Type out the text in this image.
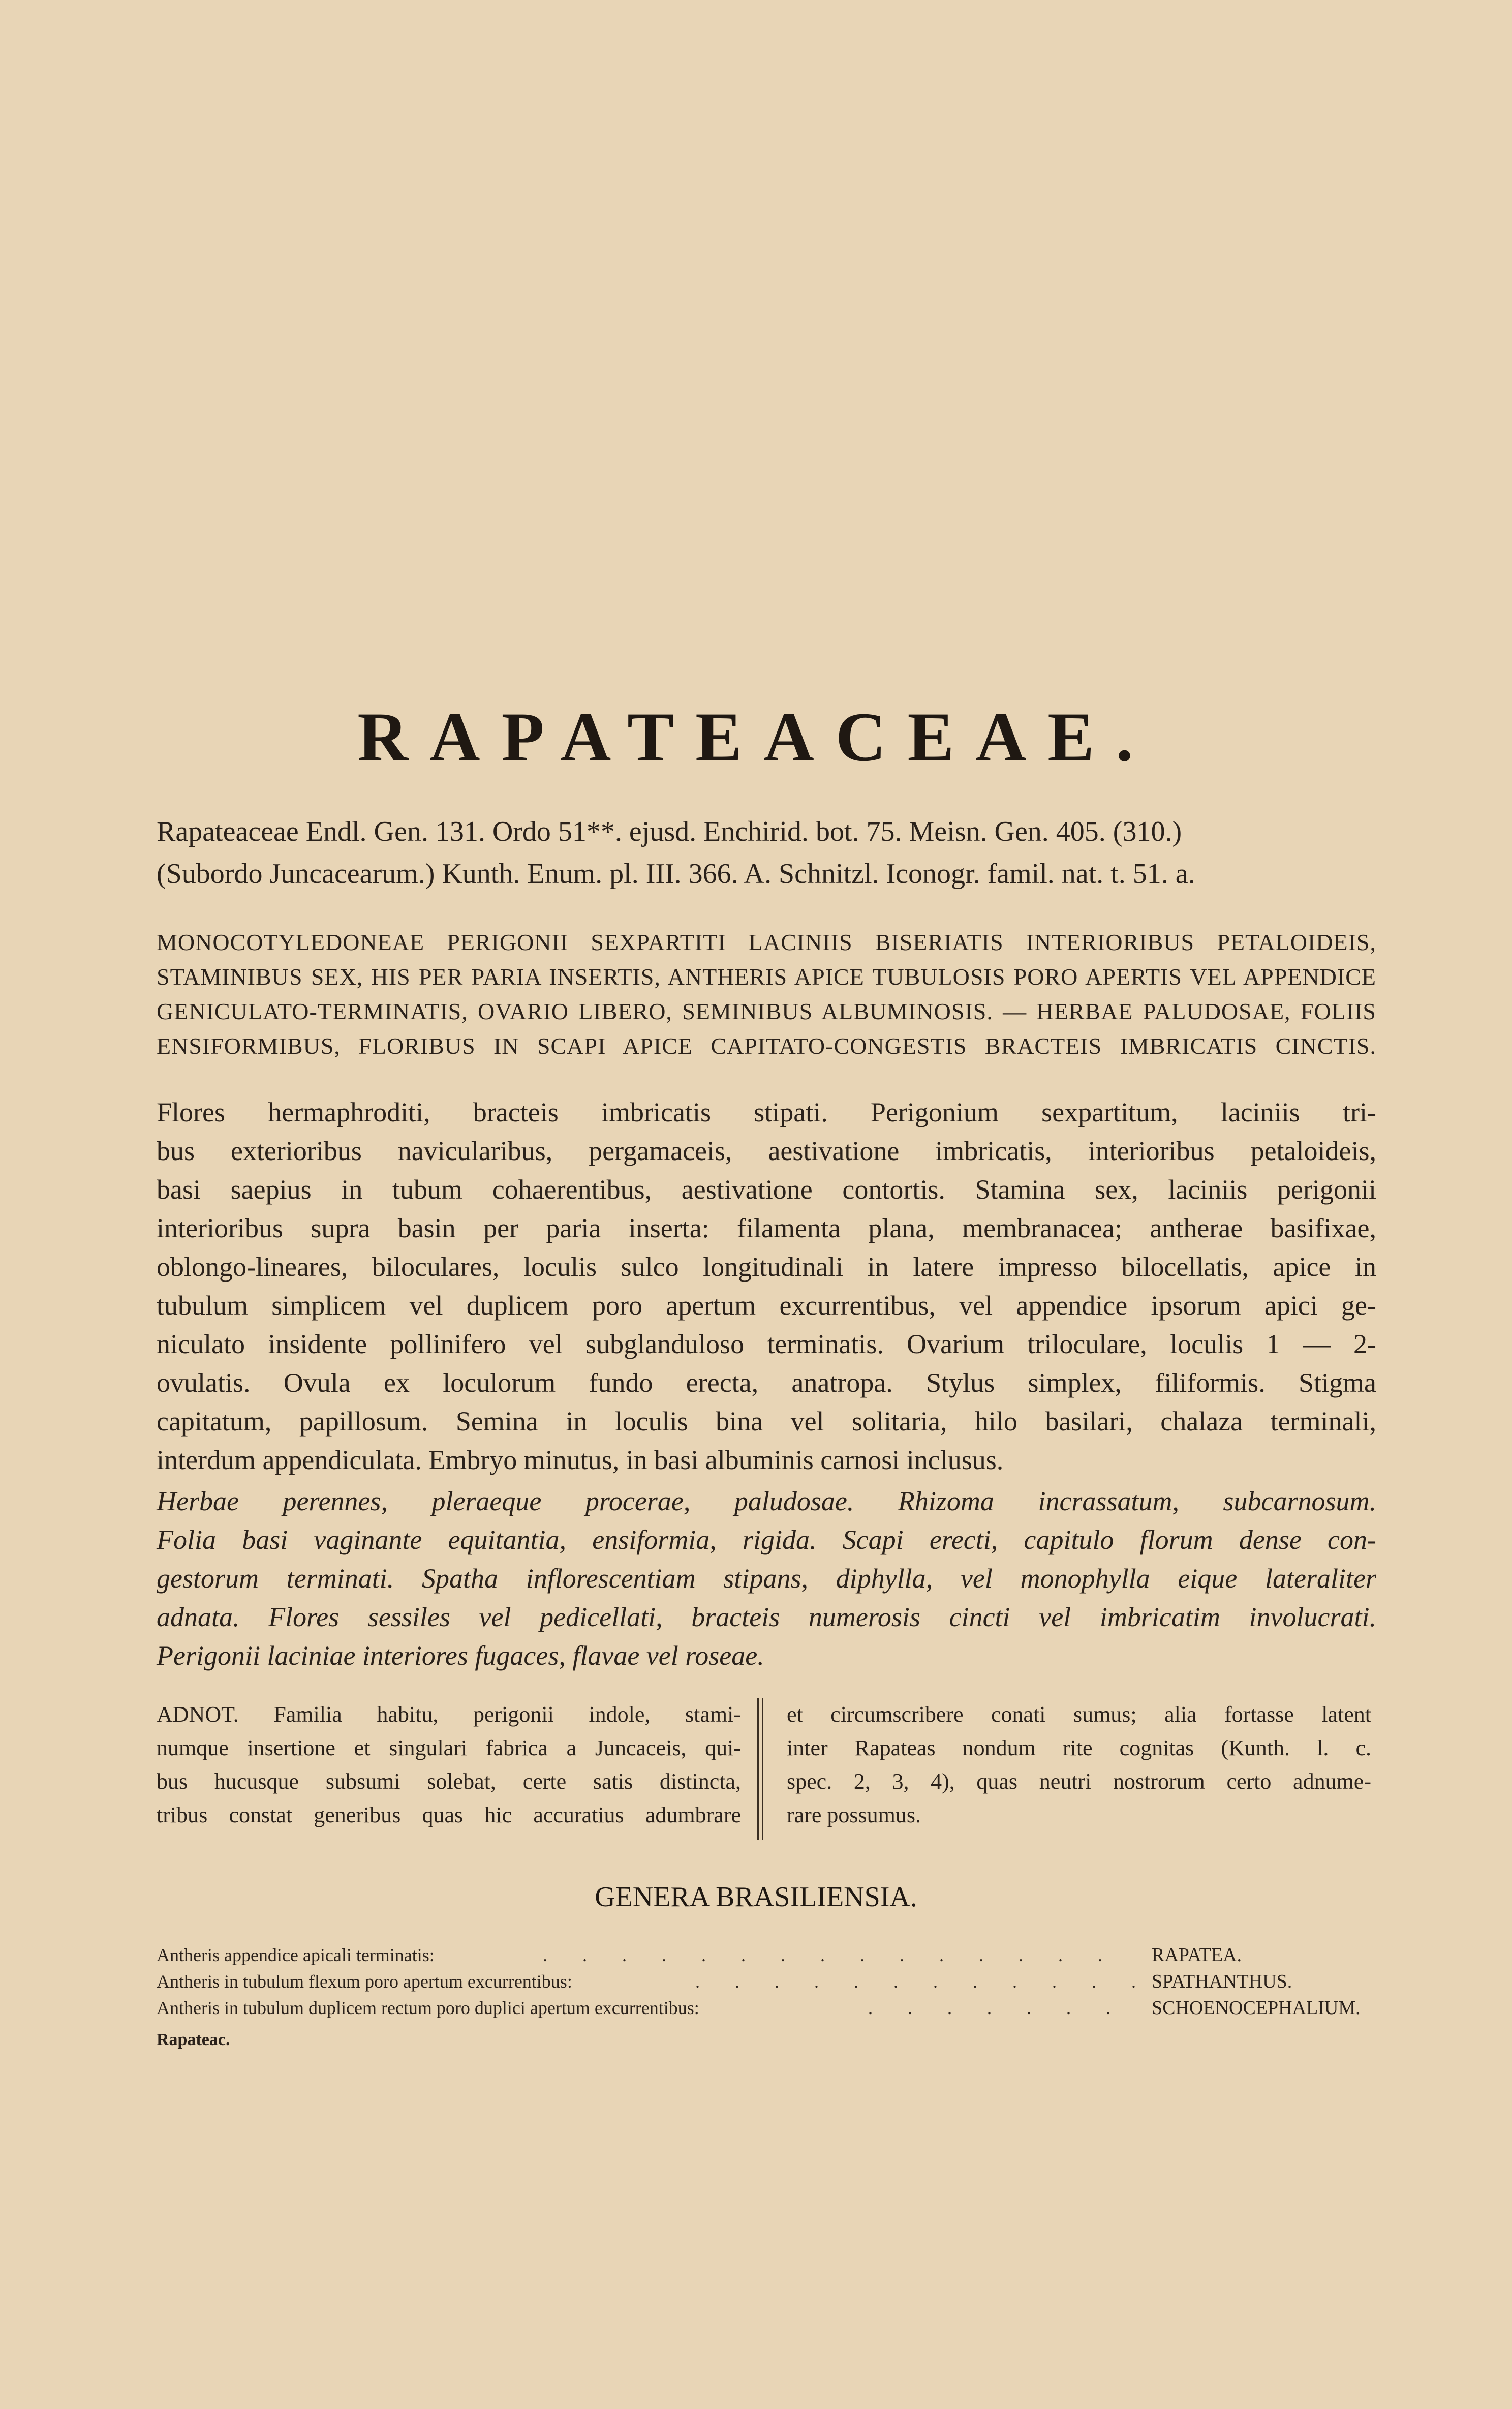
RAPATEACEAE.
Rapateaceae Endl. Gen. 131. Ordo 51**. ejusd. Enchirid. bot. 75. Meisn. Gen. 405. (310.)
(Subordo Juncacearum.) Kunth. Enum. pl. III. 366. A. Schnitzl. Iconogr. famil. nat. t. 51. a.
MONOCOTYLEDONEAE PERIGONII SEXPARTITI LACINIIS BISERIATIS INTERIORIBUS PETALOIDEIS,
STAMINIBUS SEX, HIS PER PARIA INSERTIS, ANTHERIS APICE TUBULOSIS PORO APERTIS VEL APPENDICE
GENICULATO-TERMINATIS, OVARIO LIBERO, SEMINIBUS ALBUMINOSIS. — HERBAE PALUDOSAE, FOLIIS
ENSIFORMIBUS, FLORIBUS IN SCAPI APICE CAPITATO-CONGESTIS BRACTEIS IMBRICATIS CINCTIS.
Flores hermaphroditi, bracteis imbricatis stipati. Perigonium sexpartitum, laciniis tri-
bus exterioribus navicularibus, pergamaceis, aestivatione imbricatis, interioribus petaloideis,
basi saepius in tubum cohaerentibus, aestivatione contortis. Stamina sex, laciniis perigonii
interioribus supra basin per paria inserta: filamenta plana, membranacea; antherae basifixae,
oblongo-lineares, biloculares, loculis sulco longitudinali in latere impresso bilocellatis, apice in
tubulum simplicem vel duplicem poro apertum excurrentibus, vel appendice ipsorum apici ge-
niculato insidente pollinifero vel subglanduloso terminatis. Ovarium triloculare, loculis 1 — 2-
ovulatis. Ovula ex loculorum fundo erecta, anatropa. Stylus simplex, filiformis. Stigma
capitatum, papillosum. Semina in loculis bina vel solitaria, hilo basilari, chalaza terminali,
interdum appendiculata. Embryo minutus, in basi albuminis carnosi inclusus.
Herbae perennes, pleraeque procerae, paludosae. Rhizoma incrassatum, subcarnosum.
Folia basi vaginante equitantia, ensiformia, rigida. Scapi erecti, capitulo florum dense con-
gestorum terminati. Spatha inflorescentiam stipans, diphylla, vel monophylla eique lateraliter
adnata. Flores sessiles vel pedicellati, bracteis numerosis cincti vel imbricatim involucrati.
Perigonii laciniae interiores fugaces, flavae vel roseae.
ADNOT. Familia habitu, perigonii indole, stami-
numque insertione et singulari fabrica a Juncaceis, qui-
bus hucusque subsumi solebat, certe satis distincta,
tribus constat generibus quas hic accuratius adumbrare
et circumscribere conati sumus; alia fortasse latent
inter Rapateas nondum rite cognitas (Kunth. l. c.
spec. 2, 3, 4), quas neutri nostrorum certo adnume-
rare possumus.
GENERA BRASILIENSIA.
Antheris appendice apicali terminatis:	. . . . . . . . . . . . . . . RAPATEA.
Antheris in tubulum flexum poro apertum excurrentibus:	. . . . . . . . . . . . SPATHANTHUS.
Antheris in tubulum duplicem rectum poro duplici apertum excurrentibus:	. . . . . . . SCHOENOCEPHALIUM.
Rapateac.
